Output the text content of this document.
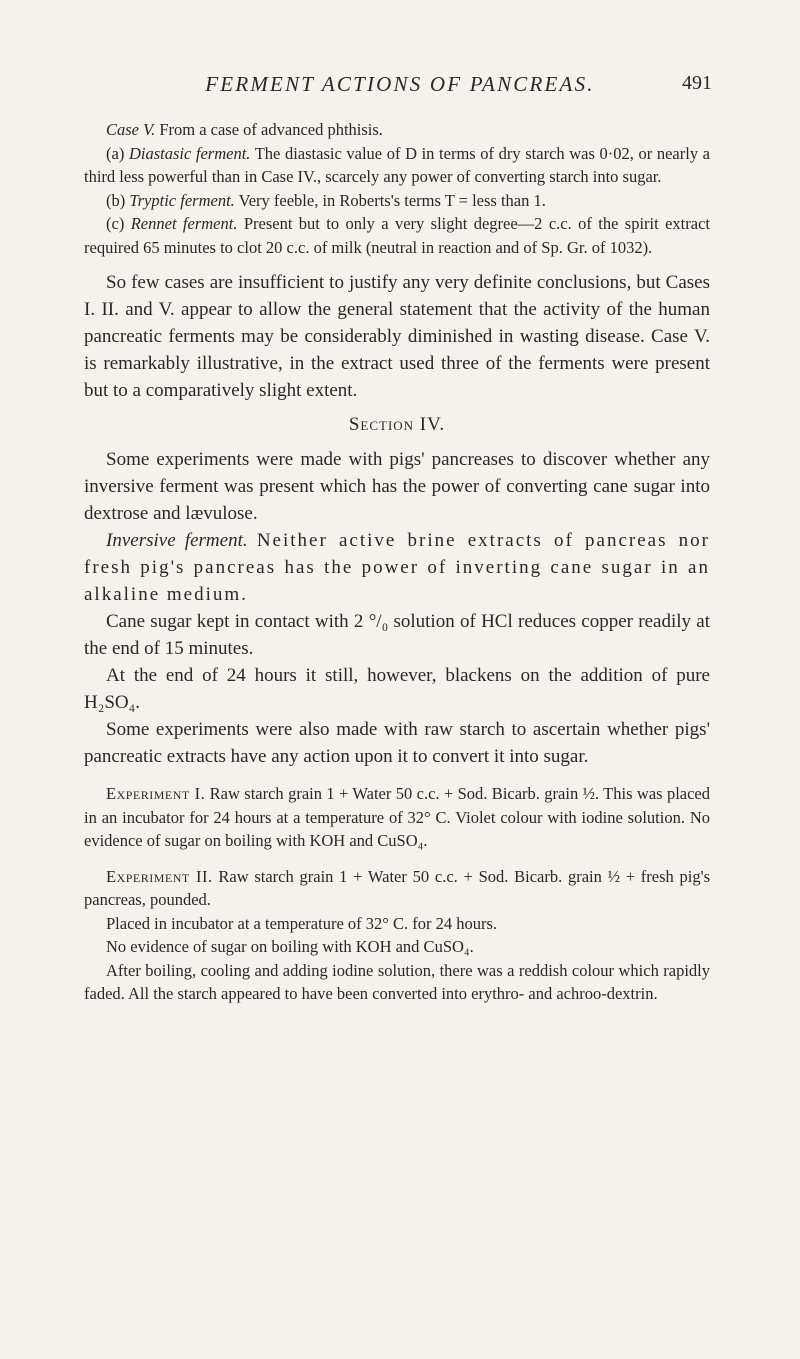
FERMENT ACTIONS OF PANCREAS.	491

Case V. From a case of advanced phthisis.

(a) Diastasic ferment. The diastasic value of D in terms of dry starch was 0·02, or nearly a third less powerful than in Case IV., scarcely any power of converting starch into sugar.

(b) Tryptic ferment. Very feeble, in Roberts's terms T = less than 1.

(c) Rennet ferment. Present but to only a very slight degree—2 c.c. of the spirit extract required 65 minutes to clot 20 c.c. of milk (neutral in reaction and of Sp. Gr. of 1032).

So few cases are insufficient to justify any very definite conclusions, but Cases I. II. and V. appear to allow the general statement that the activity of the human pancreatic ferments may be considerably diminished in wasting disease. Case V. is remarkably illustrative, in the extract used three of the ferments were present but to a comparatively slight extent.

Section IV.

Some experiments were made with pigs' pancreases to discover whether any inversive ferment was present which has the power of converting cane sugar into dextrose and lævulose.

Inversive ferment. Neither active brine extracts of pancreas nor fresh pig's pancreas has the power of inverting cane sugar in an alkaline medium.

Cane sugar kept in contact with 2 °/₀ solution of HCl reduces copper readily at the end of 15 minutes.

At the end of 24 hours it still, however, blackens on the addition of pure H₂SO₄.

Some experiments were also made with raw starch to ascertain whether pigs' pancreatic extracts have any action upon it to convert it into sugar.

Experiment I. Raw starch grain 1 + Water 50 c.c. + Sod. Bicarb. grain ½. This was placed in an incubator for 24 hours at a temperature of 32° C. Violet colour with iodine solution. No evidence of sugar on boiling with KOH and CuSO₄.

Experiment II. Raw starch grain 1 + Water 50 c.c. + Sod. Bicarb. grain ½ + fresh pig's pancreas, pounded.

Placed in incubator at a temperature of 32° C. for 24 hours.

No evidence of sugar on boiling with KOH and CuSO₄.

After boiling, cooling and adding iodine solution, there was a reddish colour which rapidly faded. All the starch appeared to have been converted into erythro- and achroo-dextrin.
